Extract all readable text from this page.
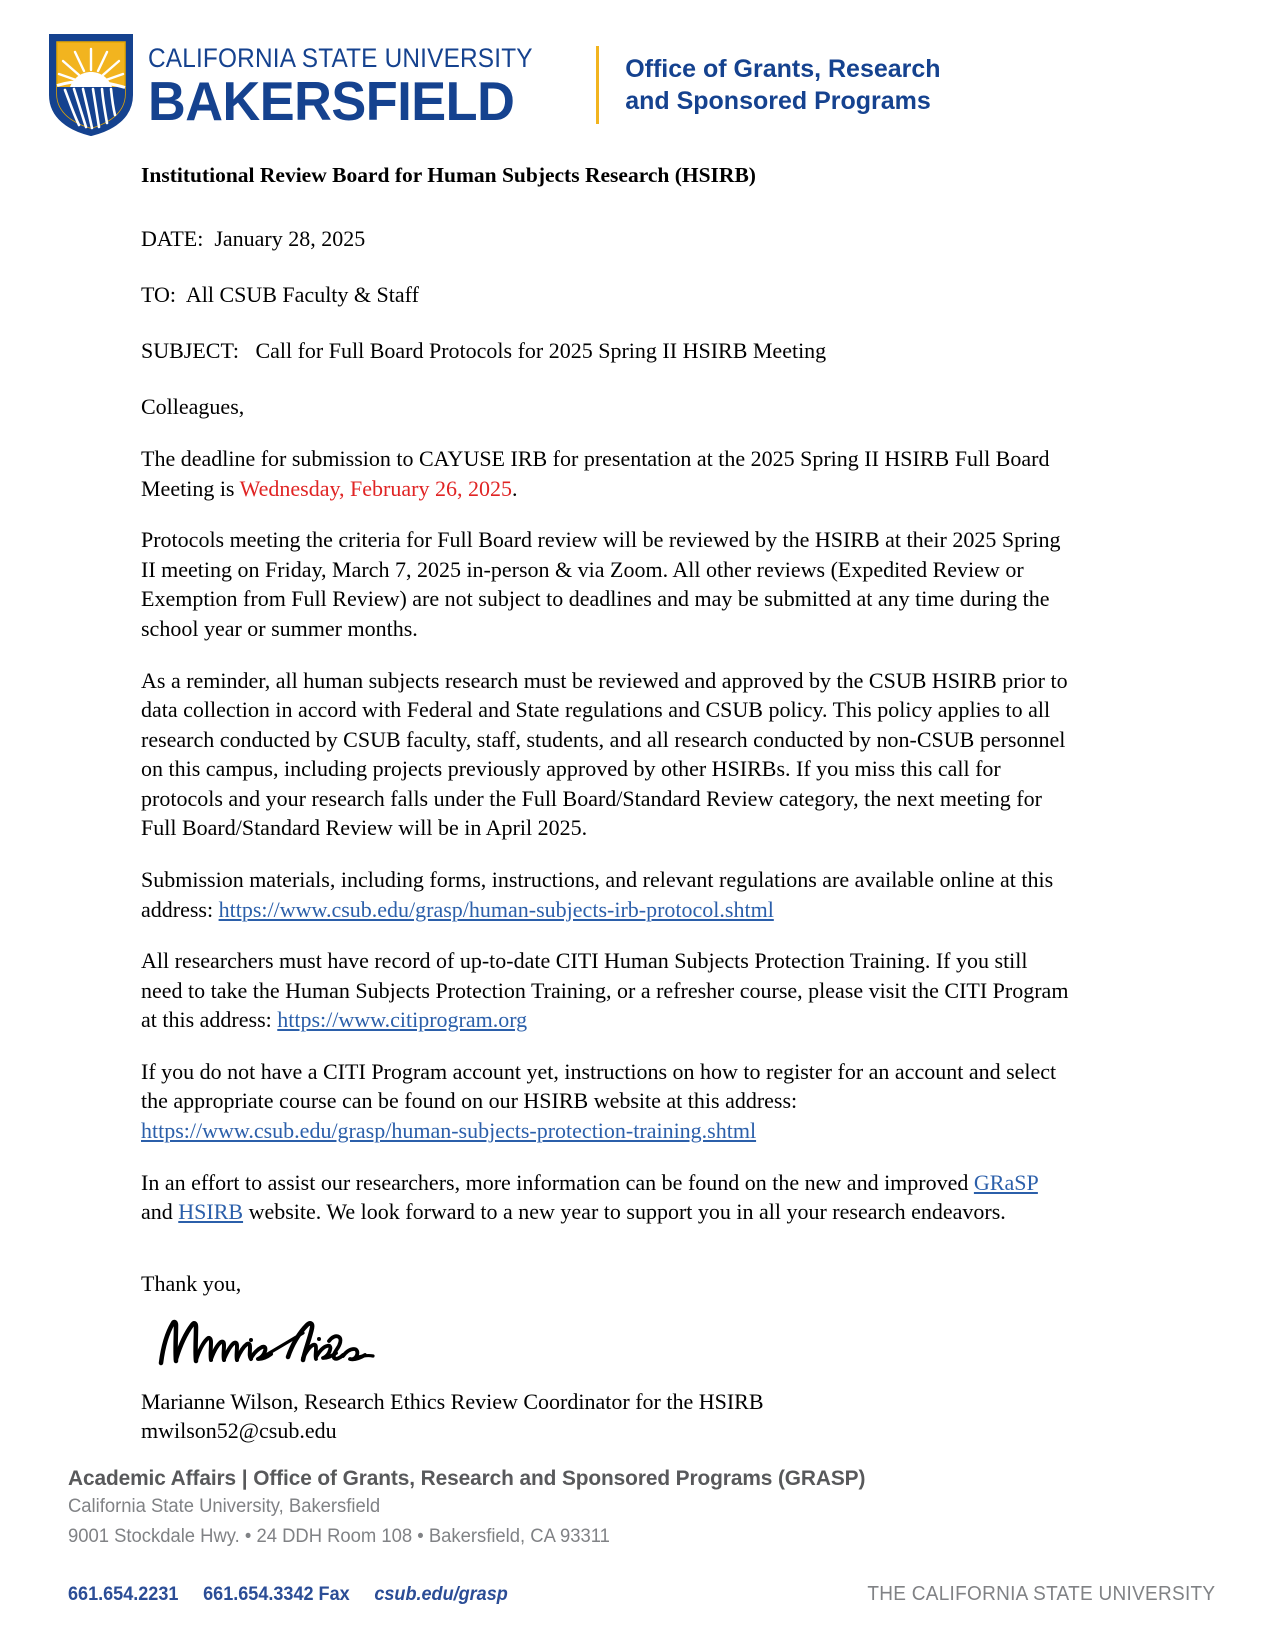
CALIFORNIA STATE UNIVERSITY
BAKERSFIELD
Office of Grants, Research
and Sponsored Programs
Institutional Review Board for Human Subjects Research (HSIRB)
DATE: January 28, 2025
TO: All CSUB Faculty & Staff
SUBJECT: Call for Full Board Protocols for 2025 Spring II HSIRB Meeting
Colleagues,

The deadline for submission to CAYUSE IRB for presentation at the 2025 Spring II HSIRB Full Board Meeting is Wednesday, February 26, 2025.

Protocols meeting the criteria for Full Board review will be reviewed by the HSIRB at their 2025 Spring II meeting on Friday, March 7, 2025 in-person & via Zoom. All other reviews (Expedited Review or Exemption from Full Review) are not subject to deadlines and may be submitted at any time during the school year or summer months.

As a reminder, all human subjects research must be reviewed and approved by the CSUB HSIRB prior to data collection in accord with Federal and State regulations and CSUB policy. This policy applies to all research conducted by CSUB faculty, staff, students, and all research conducted by non-CSUB personnel on this campus, including projects previously approved by other HSIRBs. If you miss this call for protocols and your research falls under the Full Board/Standard Review category, the next meeting for Full Board/Standard Review will be in April 2025.

Submission materials, including forms, instructions, and relevant regulations are available online at this address: https://www.csub.edu/grasp/human-subjects-irb-protocol.shtml

All researchers must have record of up-to-date CITI Human Subjects Protection Training. If you still need to take the Human Subjects Protection Training, or a refresher course, please visit the CITI Program at this address: https://www.citiprogram.org

If you do not have a CITI Program account yet, instructions on how to register for an account and select the appropriate course can be found on our HSIRB website at this address: https://www.csub.edu/grasp/human-subjects-protection-training.shtml

In an effort to assist our researchers, more information can be found on the new and improved GRaSP and HSIRB website. We look forward to a new year to support you in all your research endeavors.

Thank you,
Marianne Wilson, Research Ethics Review Coordinator for the HSIRB
mwilson52@csub.edu
Academic Affairs | Office of Grants, Research and Sponsored Programs (GRASP)
California State University, Bakersfield
9001 Stockdale Hwy. • 24 DDH Room 108 • Bakersfield, CA 93311
661.654.2231 661.654.3342 Fax csub.edu/grasp	THE CALIFORNIA STATE UNIVERSITY
